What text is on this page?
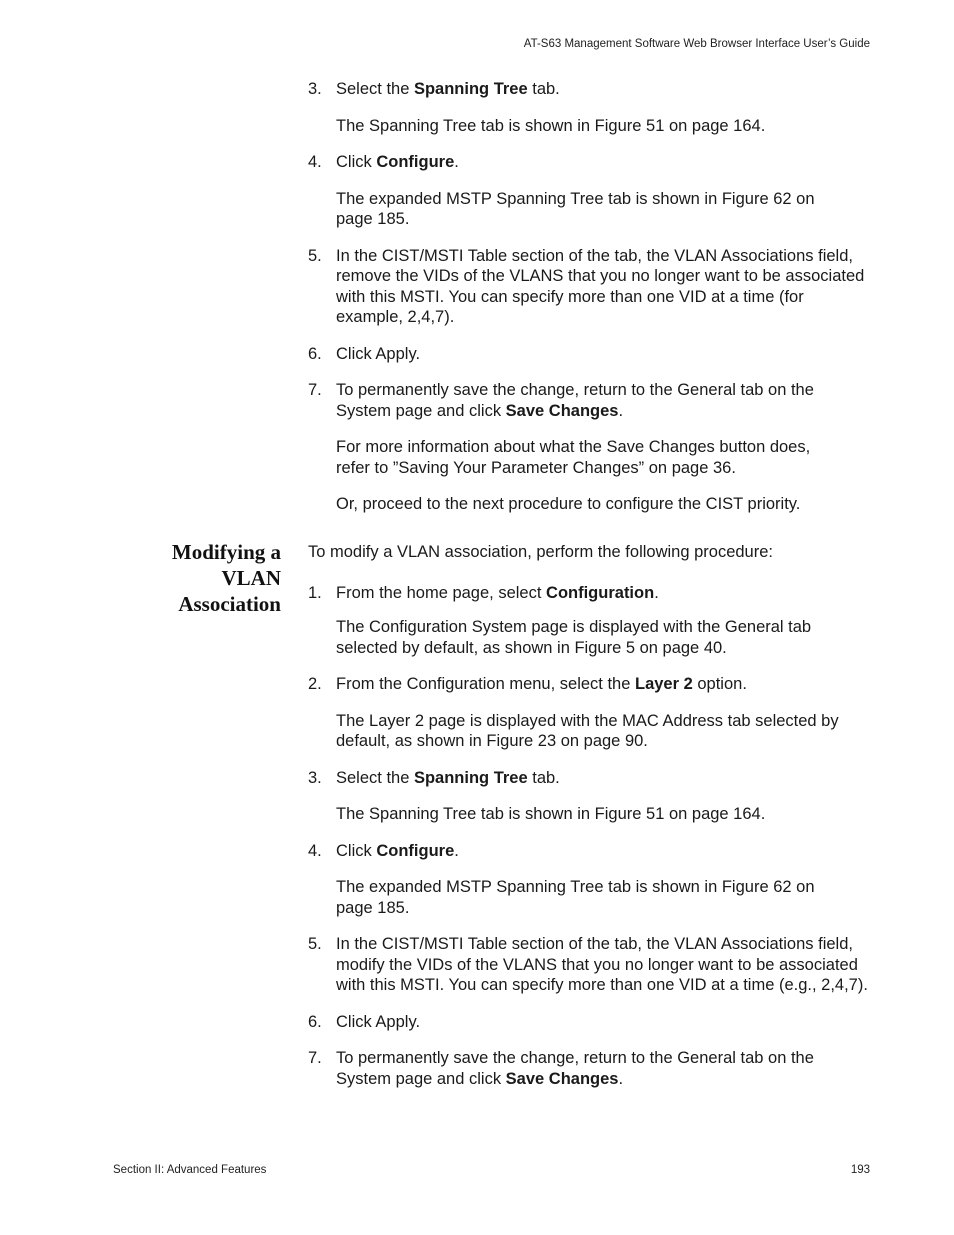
AT-S63 Management Software Web Browser Interface User’s Guide
3. Select the Spanning Tree tab.
The Spanning Tree tab is shown in Figure 51 on page 164.
4. Click Configure.
The expanded MSTP Spanning Tree tab is shown in Figure 62 on page 185.
5. In the CIST/MSTI Table section of the tab, the VLAN Associations field, remove the VIDs of the VLANS that you no longer want to be associated with this MSTI. You can specify more than one VID at a time (for example, 2,4,7).
6. Click Apply.
7. To permanently save the change, return to the General tab on the System page and click Save Changes.
For more information about what the Save Changes button does, refer to ”Saving Your Parameter Changes” on page 36.
Or, proceed to the next procedure to configure the CIST priority.
Modifying a
VLAN
Association
To modify a VLAN association, perform the following procedure:
1. From the home page, select Configuration.
The Configuration System page is displayed with the General tab selected by default, as shown in Figure 5 on page 40.
2. From the Configuration menu, select the Layer 2 option.
The Layer 2 page is displayed with the MAC Address tab selected by default, as shown in Figure 23 on page 90.
3. Select the Spanning Tree tab.
The Spanning Tree tab is shown in Figure 51 on page 164.
4. Click Configure.
The expanded MSTP Spanning Tree tab is shown in Figure 62 on page 185.
5. In the CIST/MSTI Table section of the tab, the VLAN Associations field, modify the VIDs of the VLANS that you no longer want to be associated with this MSTI. You can specify more than one VID at a time (e.g., 2,4,7).
6. Click Apply.
7. To permanently save the change, return to the General tab on the System page and click Save Changes.
Section II: Advanced Features	193
